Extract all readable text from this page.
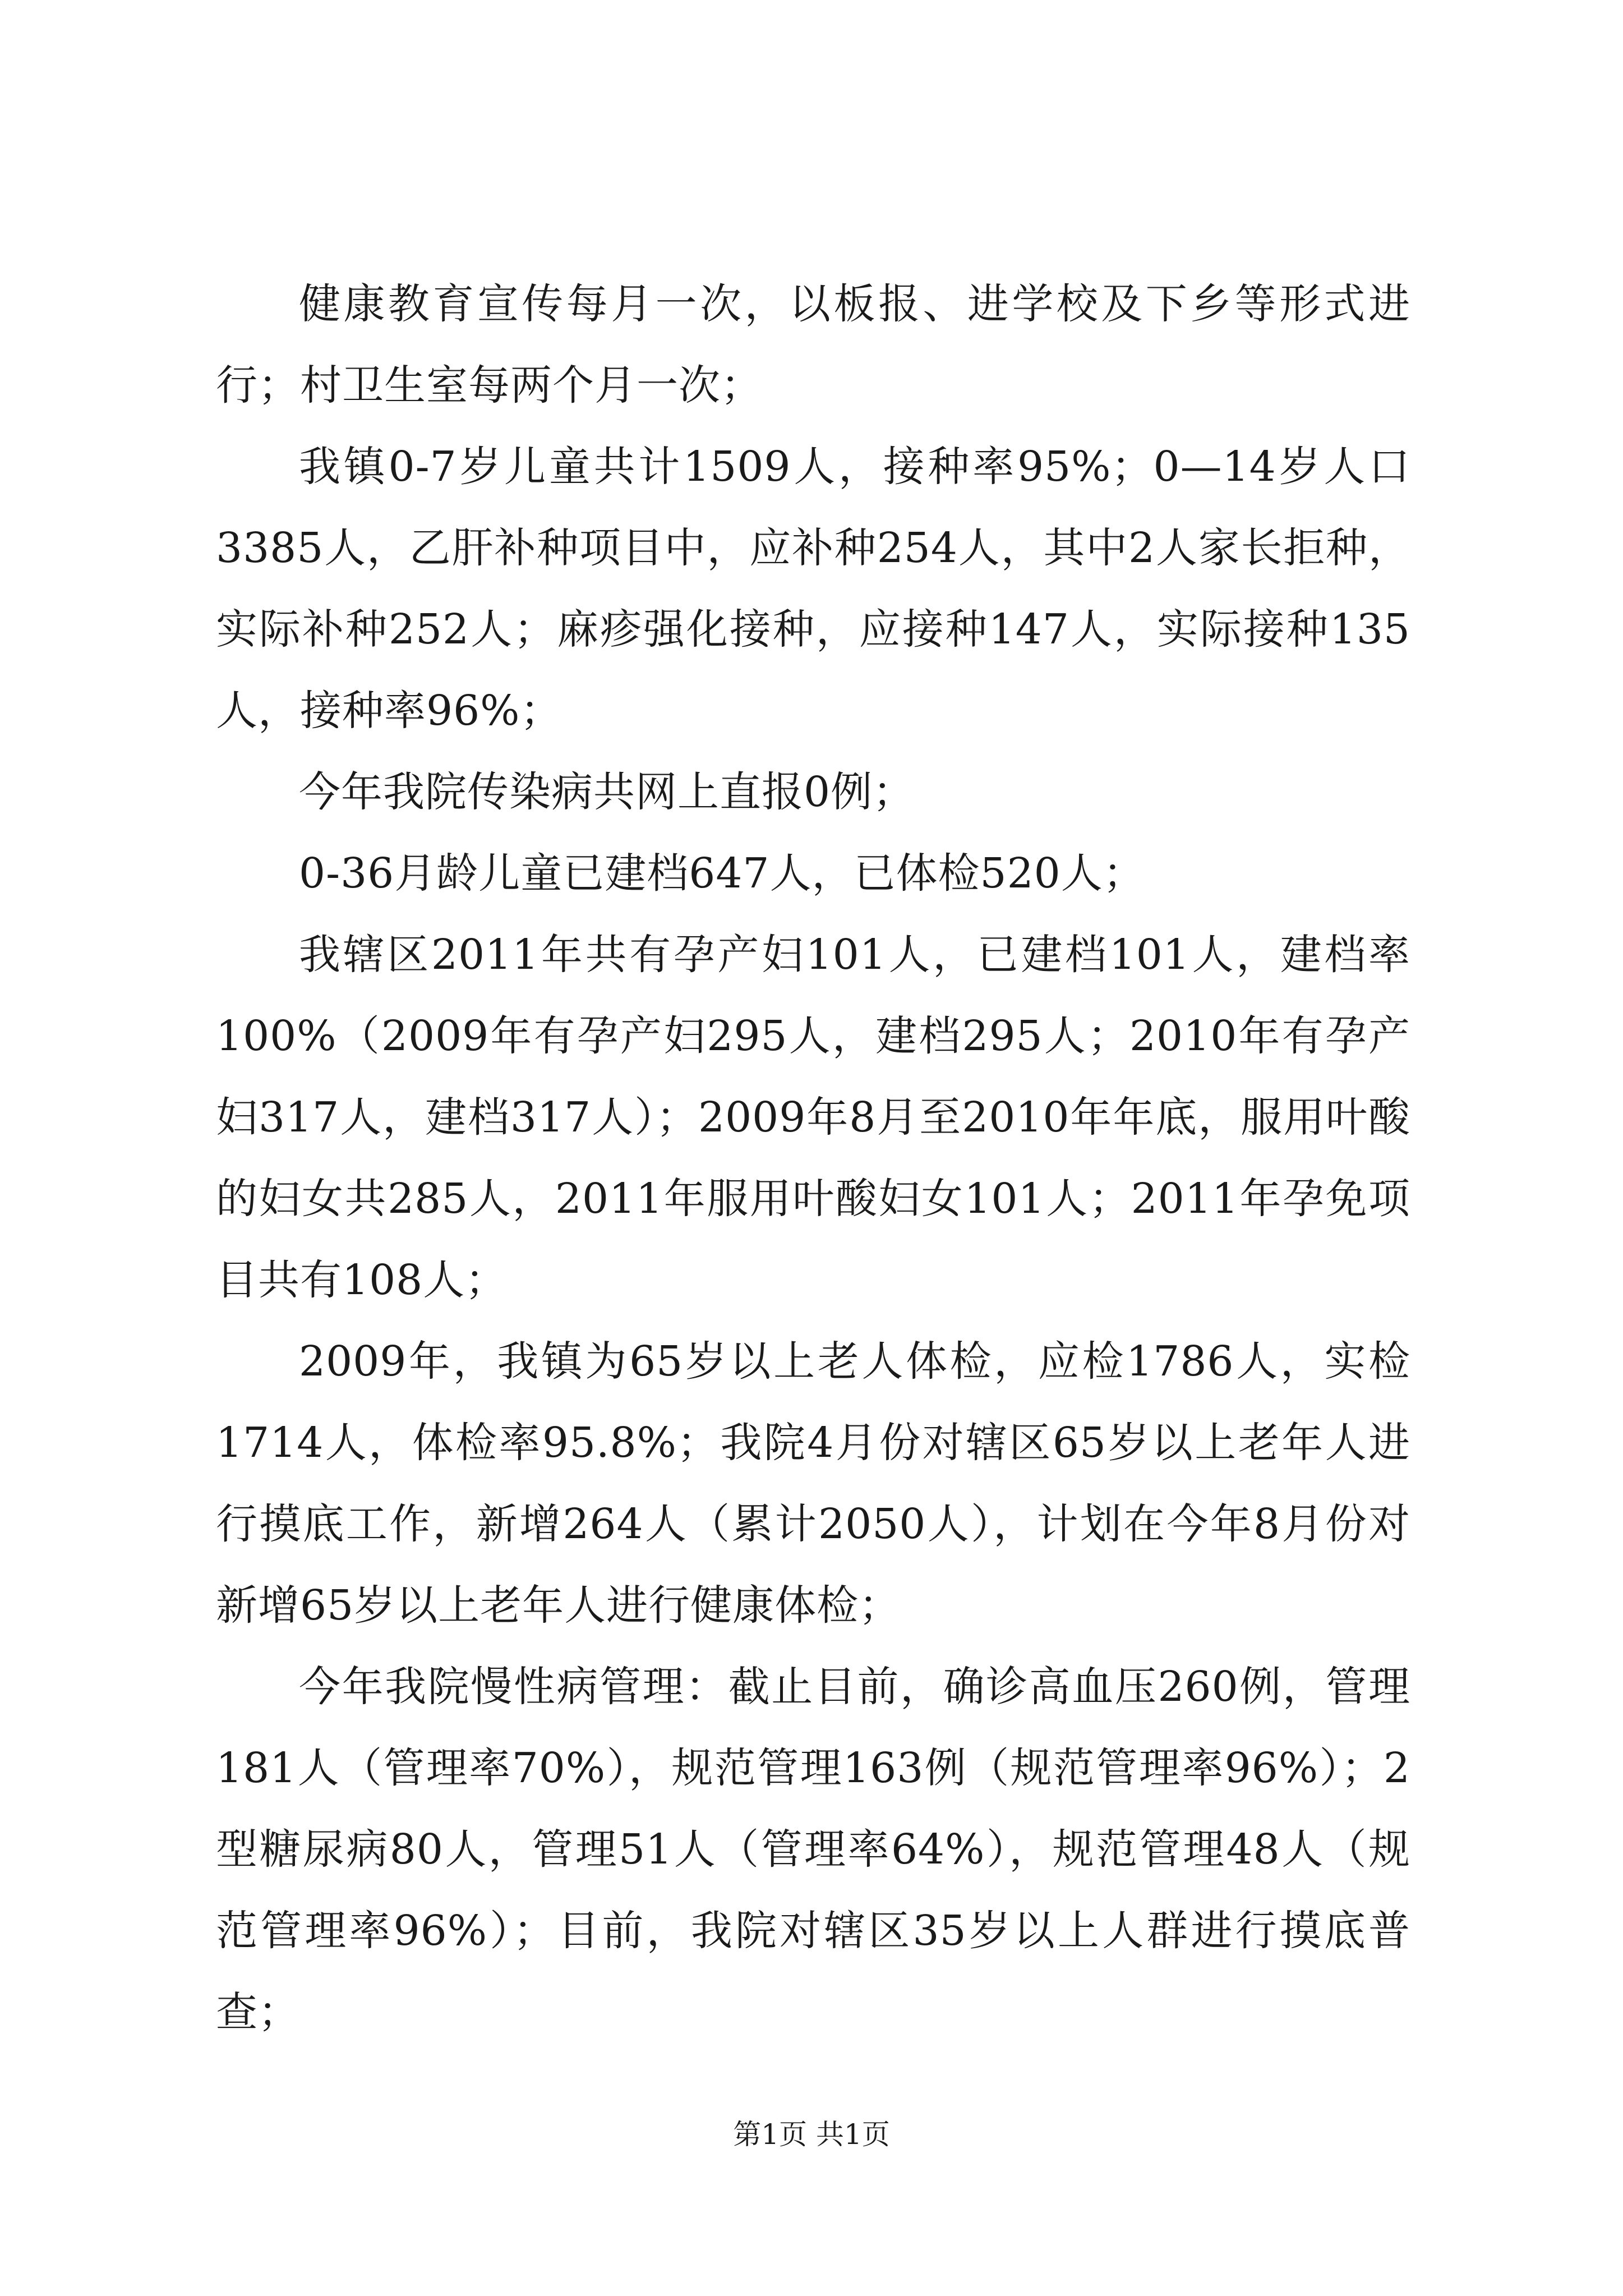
健康教育宣传每月一次，以板报、进学校及下乡等形式进行；村卫生室每两个月一次；

我镇0-7岁儿童共计1509人，接种率95%；0—14岁人口3385人，乙肝补种项目中，应补种254人，其中2人家长拒种，实际补种252人；麻疹强化接种，应接种147人，实际接种135人，接种率96%；

今年我院传染病共网上直报0例；

0-36月龄儿童已建档647人，已体检520人；

我辖区2011年共有孕产妇101人，已建档101人，建档率100%（2009年有孕产妇295人，建档295人；2010年有孕产妇317人，建档317人）；2009年8月至2010年年底，服用叶酸的妇女共285人，2011年服用叶酸妇女101人；2011年孕免项目共有108人；

2009年，我镇为65岁以上老人体检，应检1786人，实检1714人，体检率95.8%；我院4月份对辖区65岁以上老年人进行摸底工作，新增264人（累计2050人），计划在今年8月份对新增65岁以上老年人进行健康体检；

今年我院慢性病管理：截止目前，确诊高血压260例，管理181人（管理率70%），规范管理163例（规范管理率96%）；2型糖尿病80人，管理51人（管理率64%），规范管理48人（规范管理率96%）；目前，我院对辖区35岁以上人群进行摸底普查；

第1页 共1页
